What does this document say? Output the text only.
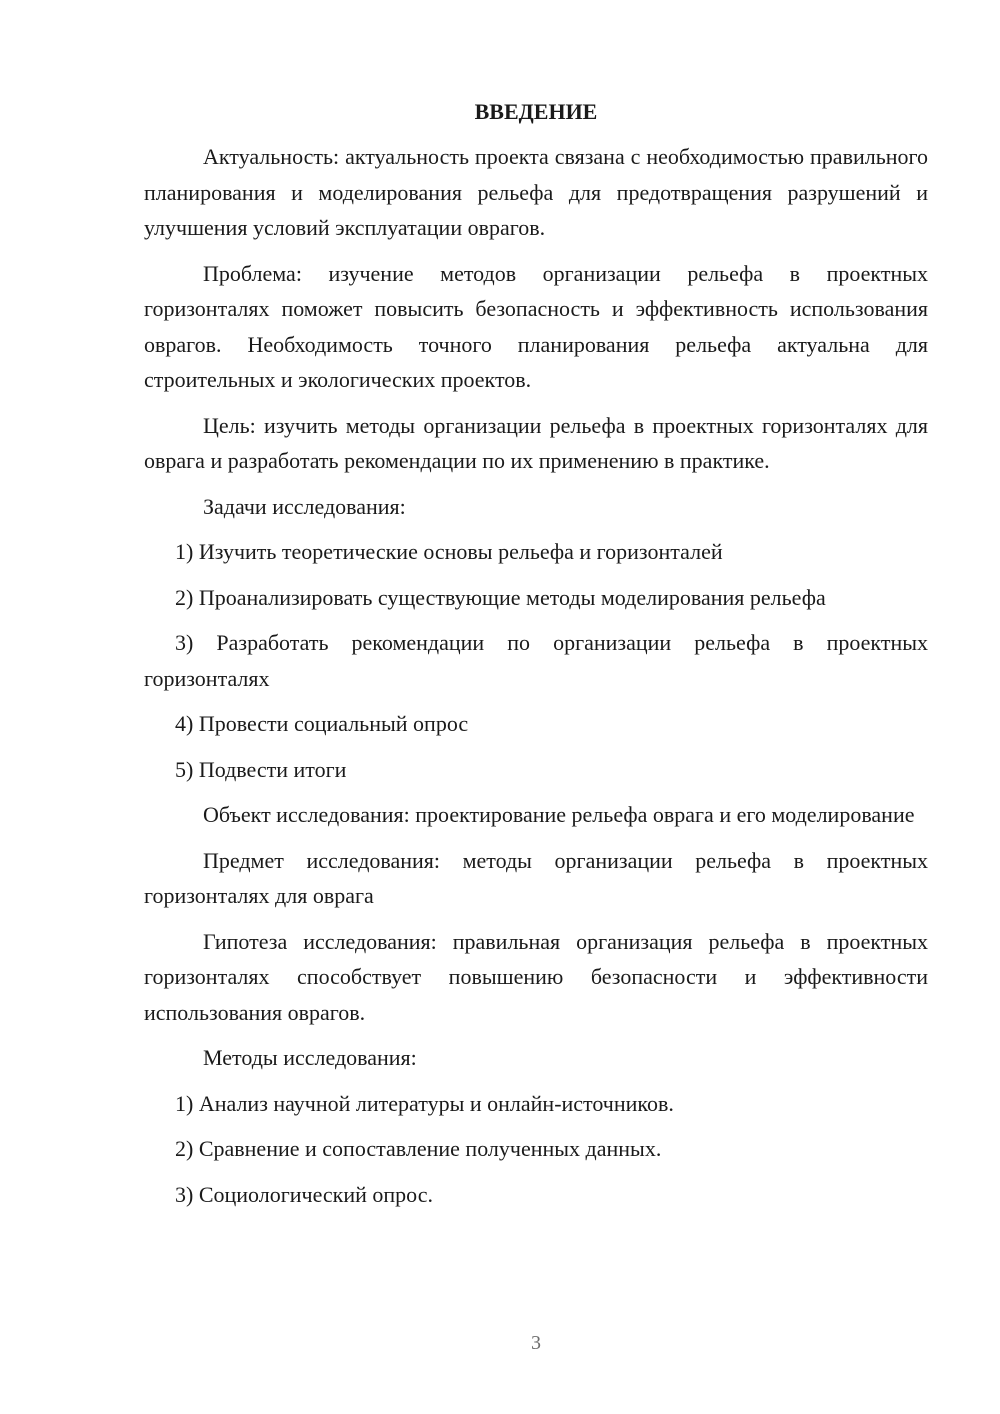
ВВЕДЕНИЕ

Актуальность: актуальность проекта связана с необходимостью правильного планирования и моделирования рельефа для предотвращения разрушений и улучшения условий эксплуатации оврагов.

Проблема: изучение методов организации рельефа в проектных горизонталях поможет повысить безопасность и эффективность использования оврагов. Необходимость точного планирования рельефа актуальна для строительных и экологических проектов.

Цель: изучить методы организации рельефа в проектных горизонталях для оврага и разработать рекомендации по их применению в практике.

Задачи исследования:

1) Изучить теоретические основы рельефа и горизонталей

2) Проанализировать существующие методы моделирования рельефа

3) Разработать рекомендации по организации рельефа в проектных горизонталях

4) Провести социальный опрос

5) Подвести итоги

Объект исследования: проектирование рельефа оврага и его моделирование

Предмет исследования: методы организации рельефа в проектных горизонталях для оврага

Гипотеза исследования: правильная организация рельефа в проектных горизонталях способствует повышению безопасности и эффективности использования оврагов.

Методы исследования:

1) Анализ научной литературы и онлайн-источников.

2) Сравнение и сопоставление полученных данных.

3) Социологический опрос.

3
